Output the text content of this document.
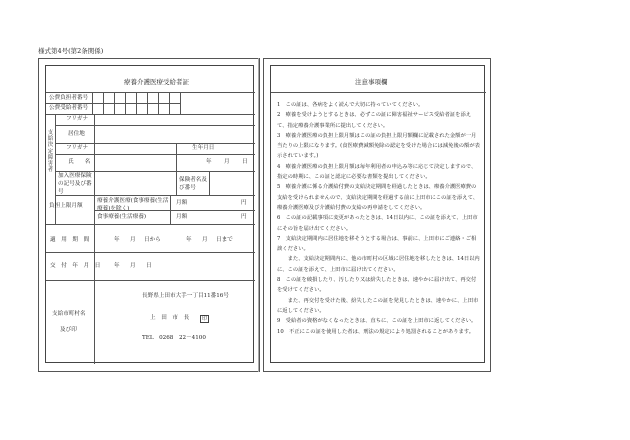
様式第4号(第2条関係)
療養介護医療受給者証
公費負担者番号
公費受給者番号
支給決定障害者
フリガナ
居住地
フリガナ	生年月日
氏　　名	年 月 日
加入医療保険の記号及び番号
保険者名及び番号
負担上限月額
療養介護医療(食事療養(生活療養)を除く)
月額	円
食事療養(生活療養)	月額	円
適　用　期　間	年 月 日から	年 月 日まで
交　付　年　月　日 年 月 日
支給市町村名
及び印
長野県上田市大手一丁目11番16号
上　田　市　長	印
TEL　0268　22－4100
注意事項欄
1　この証は、各病をよく読んで大切に持っていてください。
2　療養を受けようとするときは、必ずこの証に障害福祉サービス受給者証を添えて、指定療養介護事業所に提出してください。
3　療養介護医療の負担上限月額はこの証の負担上限月額欄に記載された金額が一月当たりの上限になります。(食医療費減額免除の認定を受けた場合には減免後の額が表示されています。)
4　療養介護医療の負担上限月額は毎年利用者の申込み等に応じて決定しますので、指定の時期に、この証と認定に必要な書類を提出してください。
5　療養介護に係る介護給付費の支給決定期間を経過したときは、療養介護医療費の支給を受けられませんので、支給決定期間を経過する前に上田市にこの証を添えて、療養介護医療及び介護給付費の支給の再申請をしてください。
6　この証の記載事項に変更があったときは、14日以内に、この証を添えて、上田市にその旨を届け出てください。
7　支給決定期間内に居住地を移そうとする場合は、事前に、上田市にご連絡・ご相談ください。
　　また、支給決定期間内に、他の市町村の区域に居住地を移したときは、14日以内に、この証を添えて、上田市に届け出てください。
8　この証を破損したり、汚したり又は紛失したときは、速やかに届け出て、再交付を受けてください。
　　また、再交付を受けた後、紛失したこの証を発見したときは、速やかに、上田市に返してください。
9　受給者の資格がなくなったときは、直ちに、この証を上田市に返してください。
10　不正にこの証を使用した者は、刑法の規定により処罰されることがあります。
